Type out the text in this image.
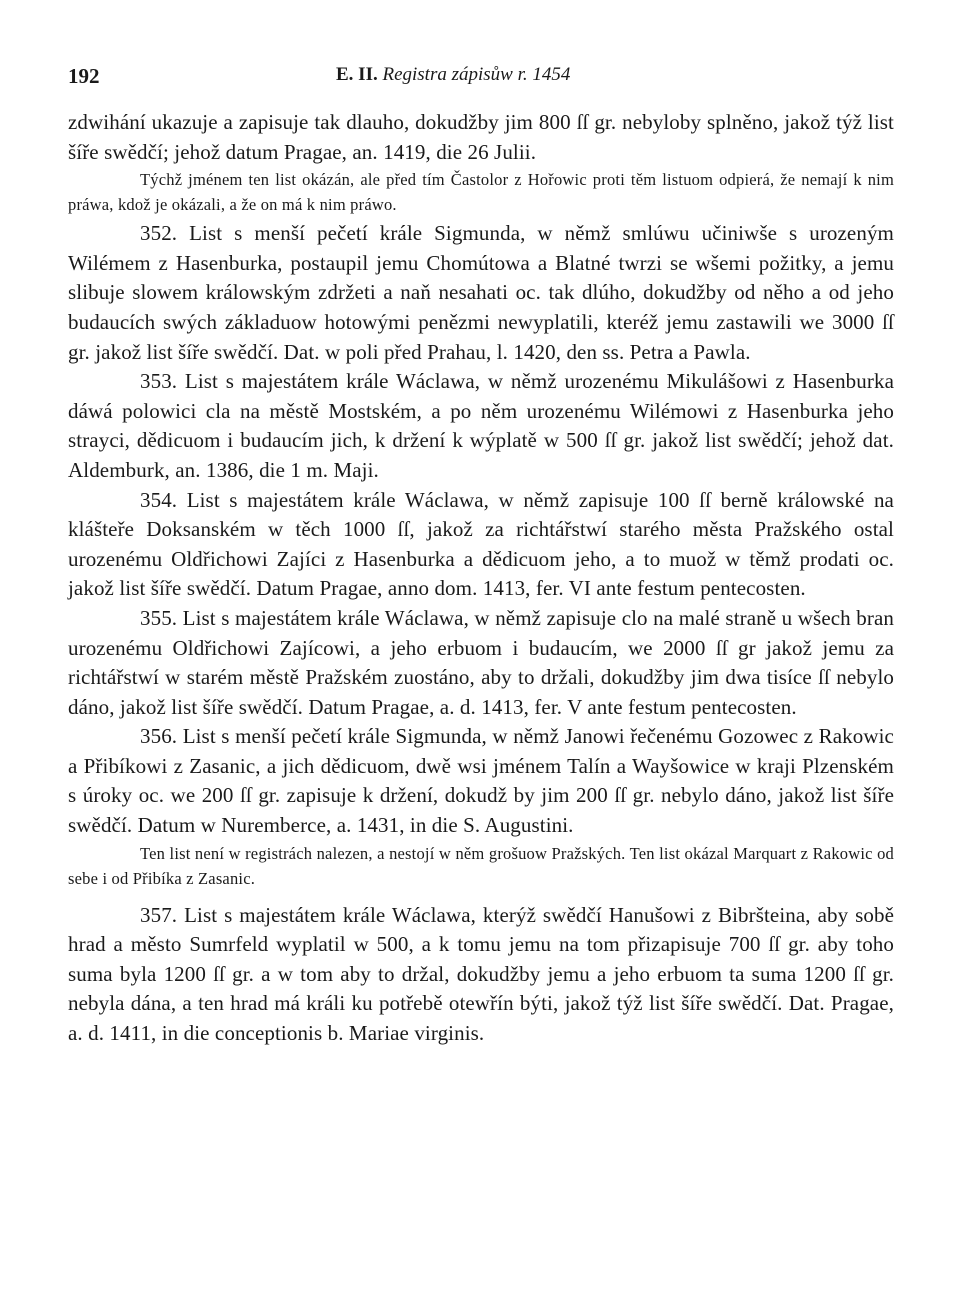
192	E. II. Registra zápisůw r. 1454

zdwihání ukazuje a zapisuje tak dlauho, dokudžby jim 800 ſſ gr. nebyloby splněno, jakož týž list šíře swědčí; jehož datum Pragae, an. 1419, die 26 Julii.

Týchž jménem ten list okázán, ale před tím Častolor z Hořowic proti těm listuom odpierá, že nemají k nim práwa, kdož je okázali, a že on má k nim práwo.

352. List s menší pečetí krále Sigmunda, w němž smlúwu učiniwše s urozeným Wilémem z Hasenburka, postaupil jemu Chomútowa a Blatné twrzi se wšemi požitky, a jemu slibuje slowem králowským zdržeti a naň nesahati oc. tak dlúho, dokudžby od něho a od jeho budaucích swých základuow hotowými penězmi newyplatili, kteréž jemu zastawili we 3000 ſſ gr. jakož list šíře swědčí. Dat. w poli před Prahau, l. 1420, den ss. Petra a Pawla.

353. List s majestátem krále Wáclawa, w němž urozenému Mikulášowi z Hasenburka dáwá polowici cla na městě Mostském, a po něm urozenému Wilémowi z Hasenburka jeho strayci, dědicuom i budaucím jich, k držení k wýplatě w 500 ſſ gr. jakož list swědčí; jehož dat. Aldemburk, an. 1386, die 1 m. Maji.

354. List s majestátem krále Wáclawa, w němž zapisuje 100 ſſ berně králowské na klášteře Doksanském w těch 1000 ſſ, jakož za richtářstwí starého města Pražského ostal urozenému Oldřichowi Zajíci z Hasenburka a dědicuom jeho, a to muož w těmž prodati oc. jakož list šíře swědčí. Datum Pragae, anno dom. 1413, fer. VI ante festum pentecosten.

355. List s majestátem krále Wáclawa, w němž zapisuje clo na malé straně u wšech bran urozenému Oldřichowi Zajícowi, a jeho erbuom i budaucím, we 2000 ſſ gr jakož jemu za richtářstwí w starém městě Pražském zuostáno, aby to držali, dokudžby jim dwa tisíce ſſ nebylo dáno, jakož list šíře swědčí. Datum Pragae, a. d. 1413, fer. V ante festum pentecosten.

356. List s menší pečetí krále Sigmunda, w němž Janowi řečenému Gozowec z Rakowic a Přibíkowi z Zasanic, a jich dědicuom, dwě wsi jménem Talín a Wayšowice w kraji Plzenském s úroky oc. we 200 ſſ gr. zapisuje k držení, dokudž by jim 200 ſſ gr. nebylo dáno, jakož list šíře swědčí. Datum w Nuremberce, a. 1431, in die S. Augustini.

Ten list není w registrách nalezen, a nestojí w něm grošuow Pražských. Ten list okázal Marquart z Rakowic od sebe i od Přibíka z Zasanic.

357. List s majestátem krále Wáclawa, kterýž swědčí Hanušowi z Bibršteina, aby sobě hrad a město Sumrfeld wyplatil w 500, a k tomu jemu na tom přizapisuje 700 ſſ gr. aby toho suma byla 1200 ſſ gr. a w tom aby to držal, dokudžby jemu a jeho erbuom ta suma 1200 ſſ gr. nebyla dána, a ten hrad má králi ku potřebě otewřín býti, jakož týž list šíře swědčí. Dat. Pragae, a. d. 1411, in die conceptionis b. Mariae virginis.
